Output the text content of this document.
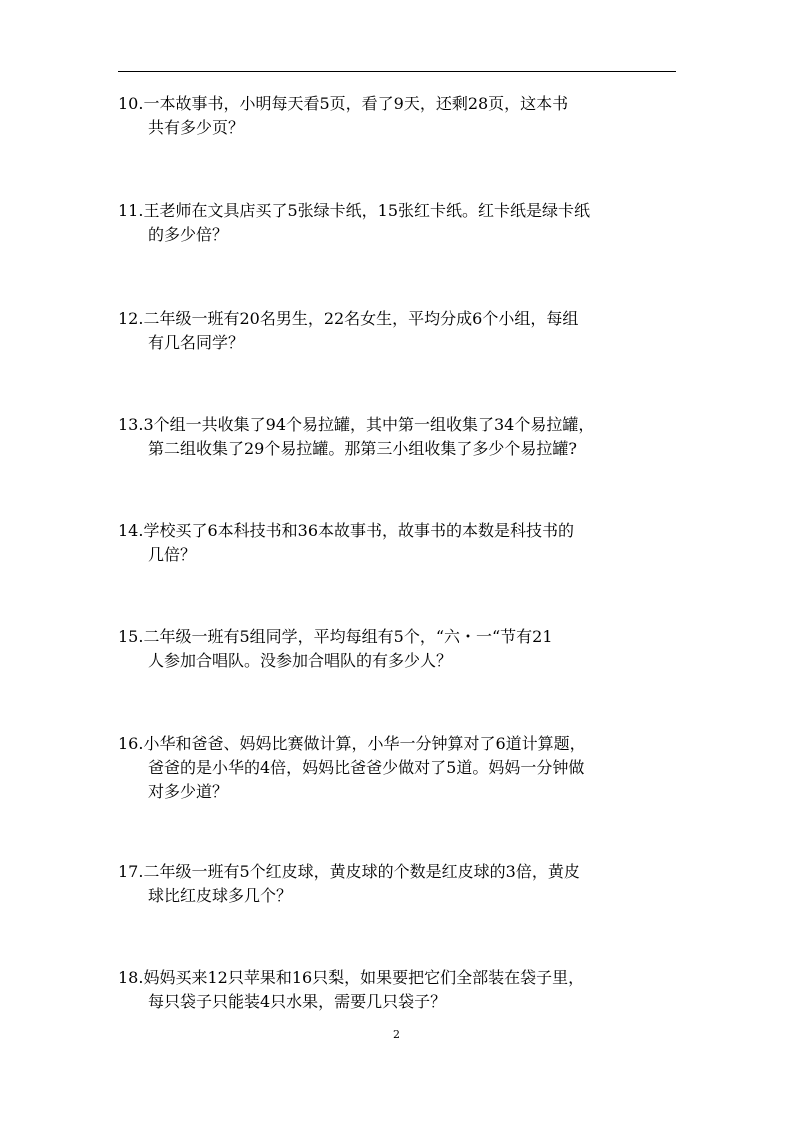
10.一本故事书，小明每天看5页，看了9天，还剩28页，这本书
共有多少页？
11.王老师在文具店买了5张绿卡纸，15张红卡纸。红卡纸是绿卡纸
的多少倍？
12.二年级一班有20名男生，22名女生，平均分成6个小组，每组
有几名同学？
13.3个组一共收集了94个易拉罐，其中第一组收集了34个易拉罐，
第二组收集了29个易拉罐。那第三小组收集了多少个易拉罐?
14.学校买了6本科技书和36本故事书，故事书的本数是科技书的
几倍？
15.二年级一班有5组同学，平均每组有5个，“六・一“节有21
人参加合唱队。没参加合唱队的有多少人？
16.小华和爸爸、妈妈比赛做计算，小华一分钟算对了6道计算题，
爸爸的是小华的4倍，妈妈比爸爸少做对了5道。妈妈一分钟做
对多少道？
17.二年级一班有5个红皮球，黄皮球的个数是红皮球的3倍，黄皮
球比红皮球多几个？
18.妈妈买来12只苹果和16只梨，如果要把它们全部装在袋子里，
每只袋子只能装4只水果，需要几只袋子？
2
